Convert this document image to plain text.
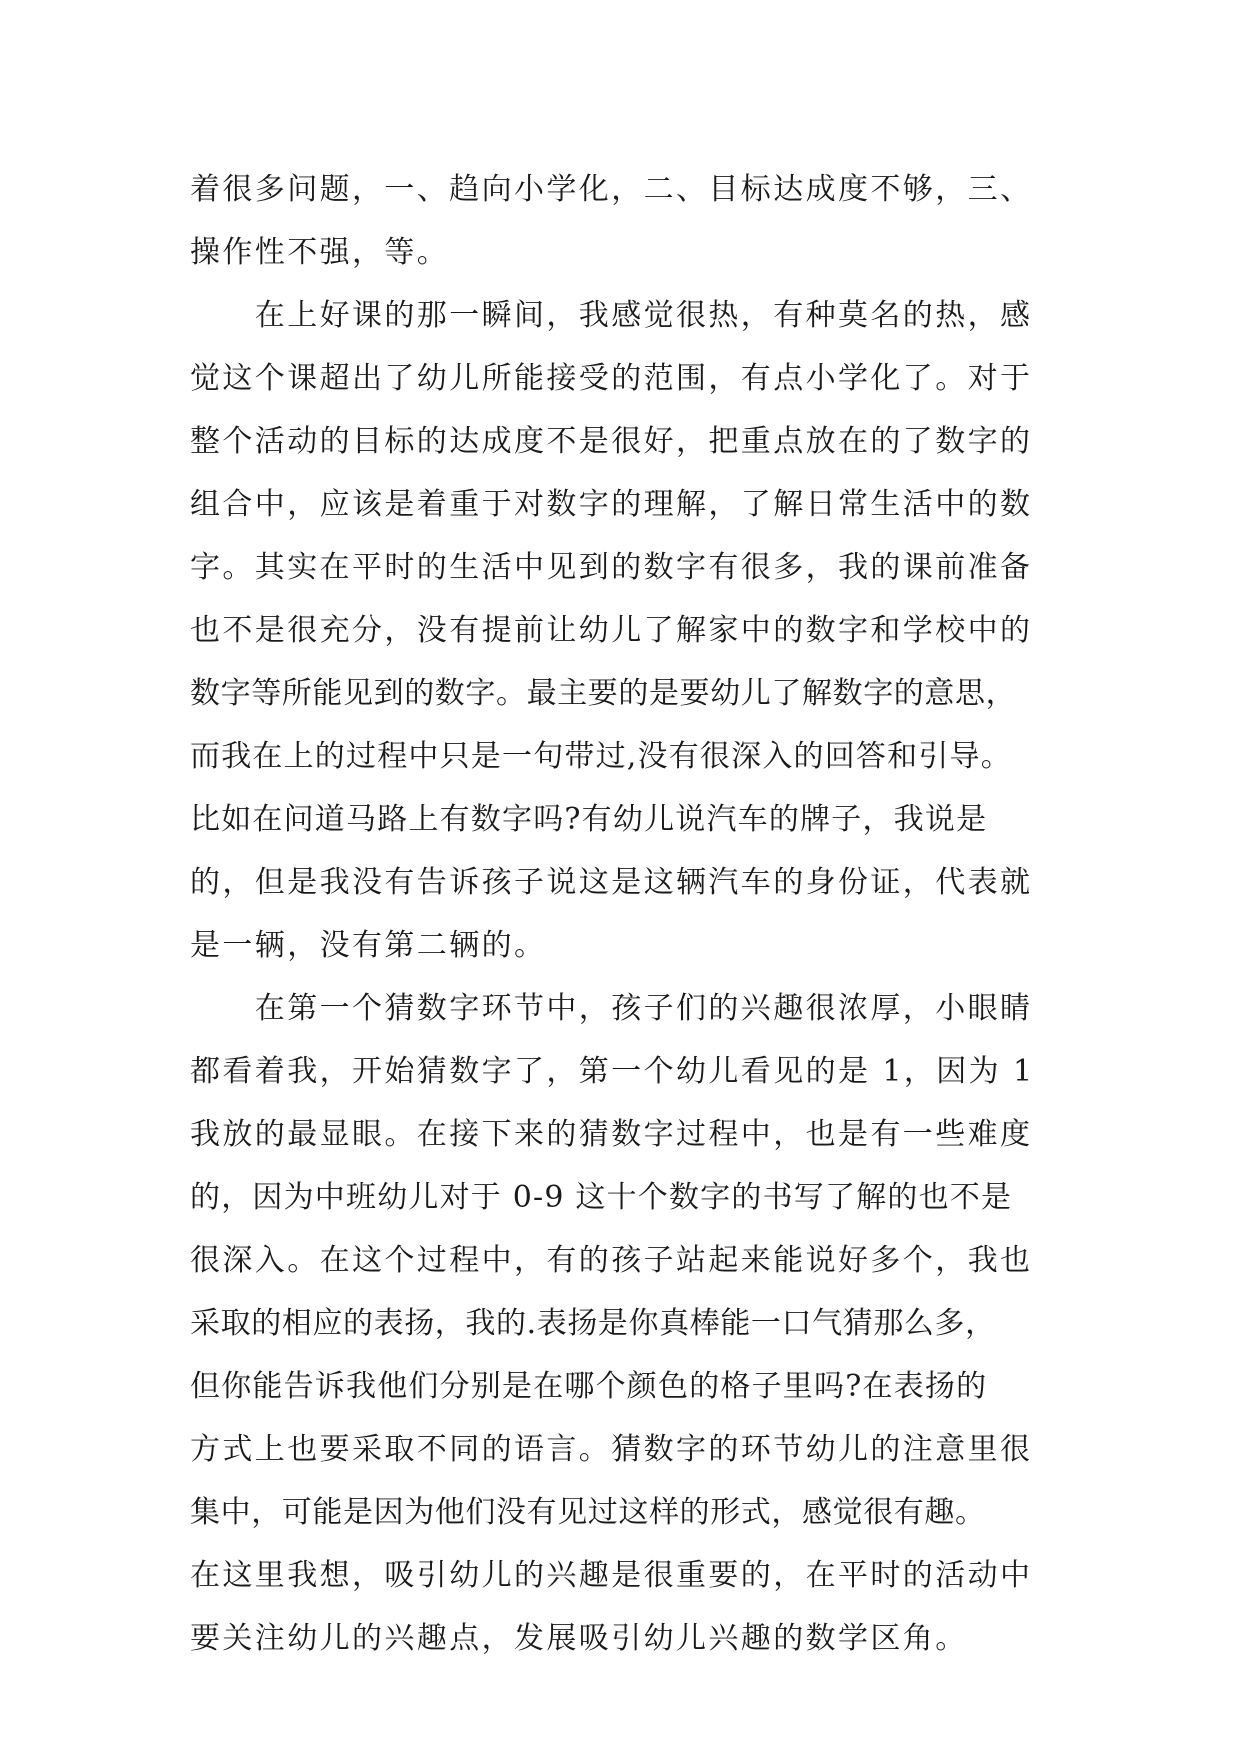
着很多问题，一、趋向小学化，二、目标达成度不够，三、
操作性不强，等。
　　在上好课的那一瞬间，我感觉很热，有种莫名的热，感
觉这个课超出了幼儿所能接受的范围，有点小学化了。对于
整个活动的目标的达成度不是很好，把重点放在的了数字的
组合中，应该是着重于对数字的理解，了解日常生活中的数
字。其实在平时的生活中见到的数字有很多，我的课前准备
也不是很充分，没有提前让幼儿了解家中的数字和学校中的
数字等所能见到的数字。最主要的是要幼儿了解数字的意思，
而我在上的过程中只是一句带过,没有很深入的回答和引导。
比如在问道马路上有数字吗?有幼儿说汽车的牌子，我说是
的，但是我没有告诉孩子说这是这辆汽车的身份证，代表就
是一辆，没有第二辆的。
　　在第一个猜数字环节中，孩子们的兴趣很浓厚，小眼睛
都看着我，开始猜数字了，第一个幼儿看见的是 1，因为 1
我放的最显眼。在接下来的猜数字过程中，也是有一些难度
的，因为中班幼儿对于 0-9 这十个数字的书写了解的也不是
很深入。在这个过程中，有的孩子站起来能说好多个，我也
采取的相应的表扬，我的.表扬是你真棒能一口气猜那么多，
但你能告诉我他们分别是在哪个颜色的格子里吗?在表扬的
方式上也要采取不同的语言。猜数字的环节幼儿的注意里很
集中，可能是因为他们没有见过这样的形式，感觉很有趣。
在这里我想，吸引幼儿的兴趣是很重要的，在平时的活动中
要关注幼儿的兴趣点，发展吸引幼儿兴趣的数学区角。
